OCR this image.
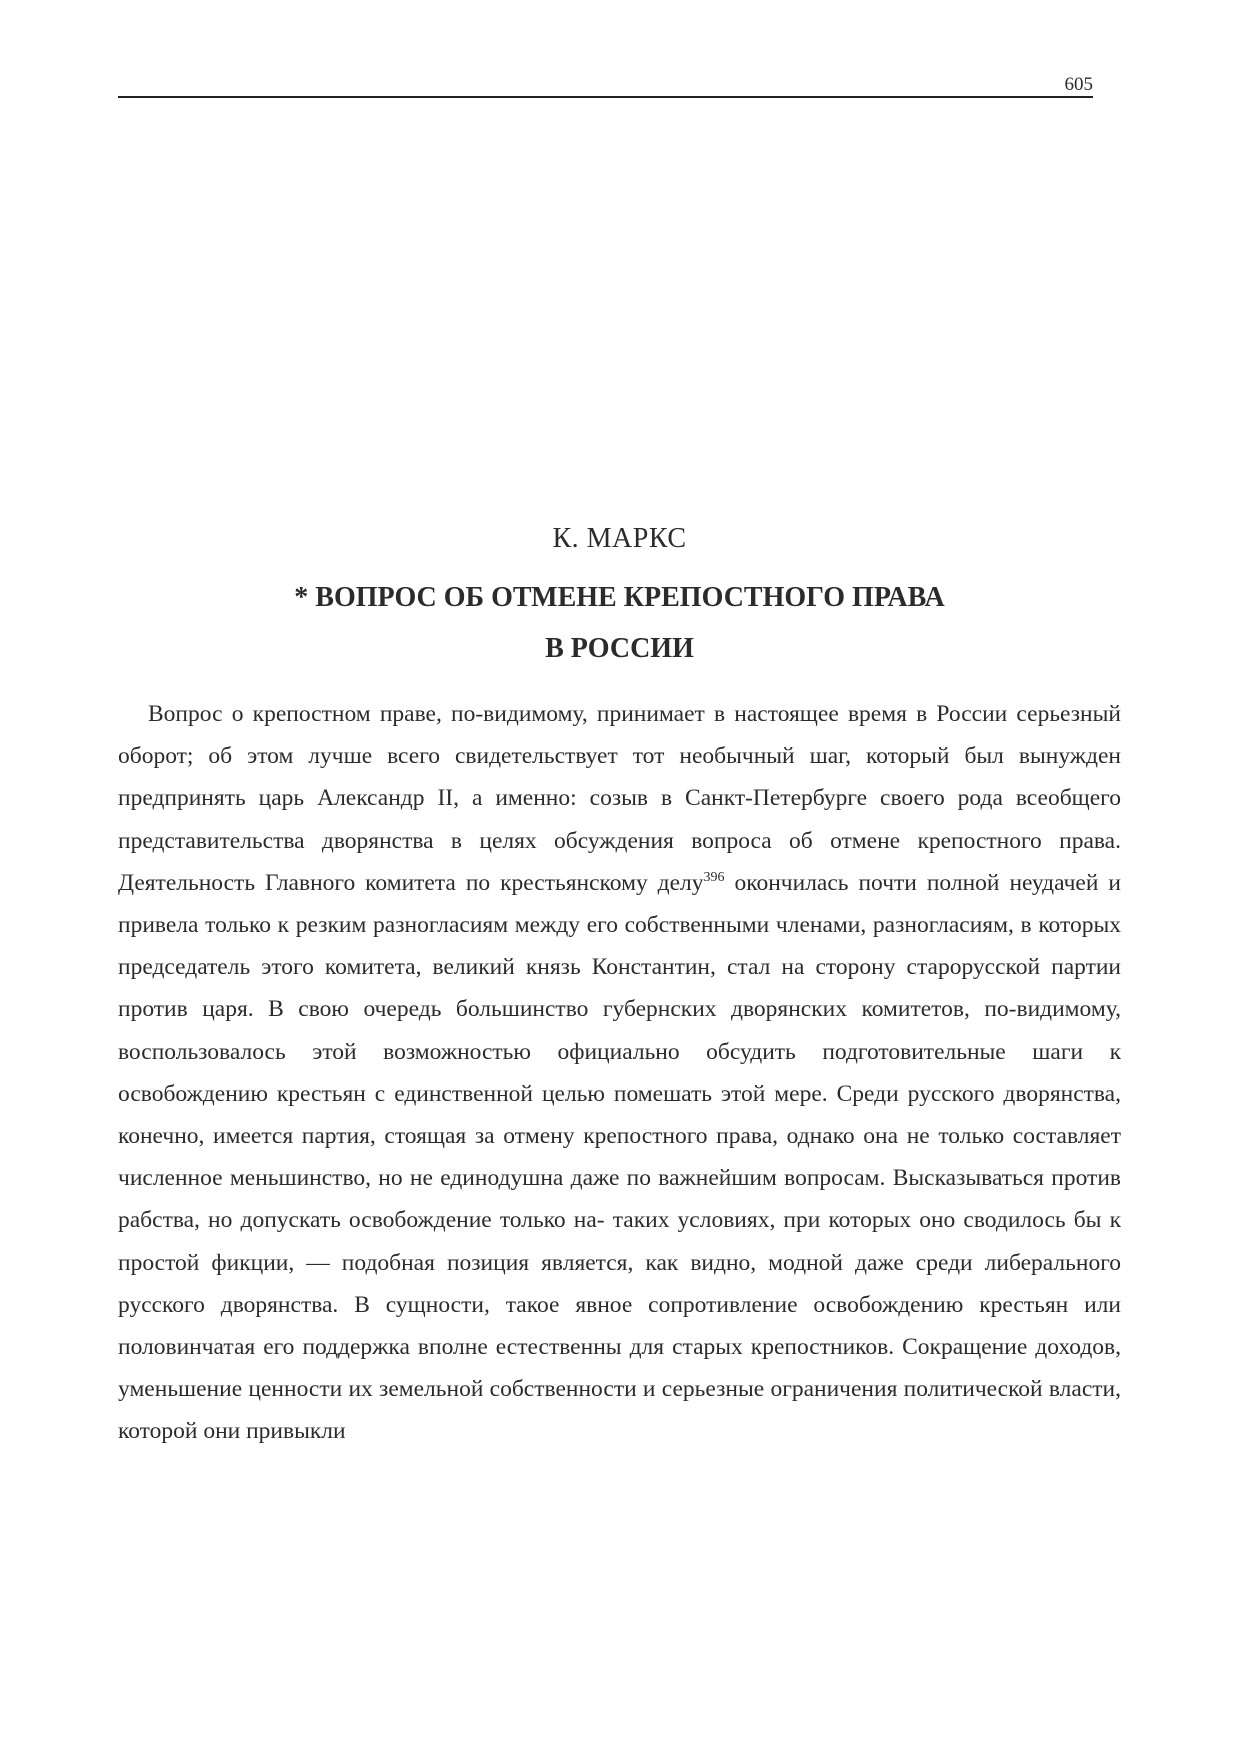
605
К. МАРКС
* ВОПРОС ОБ ОТМЕНЕ КРЕПОСТНОГО ПРАВА
В РОССИИ

Вопрос о крепостном праве, по-видимому, принимает в настоящее время в России серьезный оборот; об этом лучше всего свидетельствует тот необычный шаг, который был вынужден предпринять царь Александр II, а именно: созыв в Санкт-Петербурге своего рода всеобщего представительства дворянства в целях обсуждения вопроса об отмене крепостного права. Деятельность Главного комитета по крестьянскому делу$^{396}$ окончилась почти полной неудачей и привела только к резким разногласиям между его собственными членами, разногласиям, в которых председатель этого комитета, великий князь Константин, стал на сторону старорусской партии против царя. В свою очередь большинство губернских дворянских комитетов, по-видимому, воспользовалось этой возможностью официально обсудить подготовительные шаги к освобождению крестьян с единственной целью помешать этой мере. Среди русского дворянства, конечно, имеется партия, стоящая за отмену крепостного права, однако она не только составляет численное меньшинство, но не единодушна даже по важнейшим вопросам. Высказываться против рабства, но допускать освобождение только на- таких условиях, при которых оно сводилось бы к простой фикции, — подобная позиция является, как видно, модной даже среди либерального русского дворянства. В сущности, такое явное сопротивление освобождению крестьян или половинчатая его поддержка вполне естественны для старых крепостников. Сокращение доходов, уменьшение ценности их земельной собственности и серьезные ограничения политической власти, которой они привыкли
